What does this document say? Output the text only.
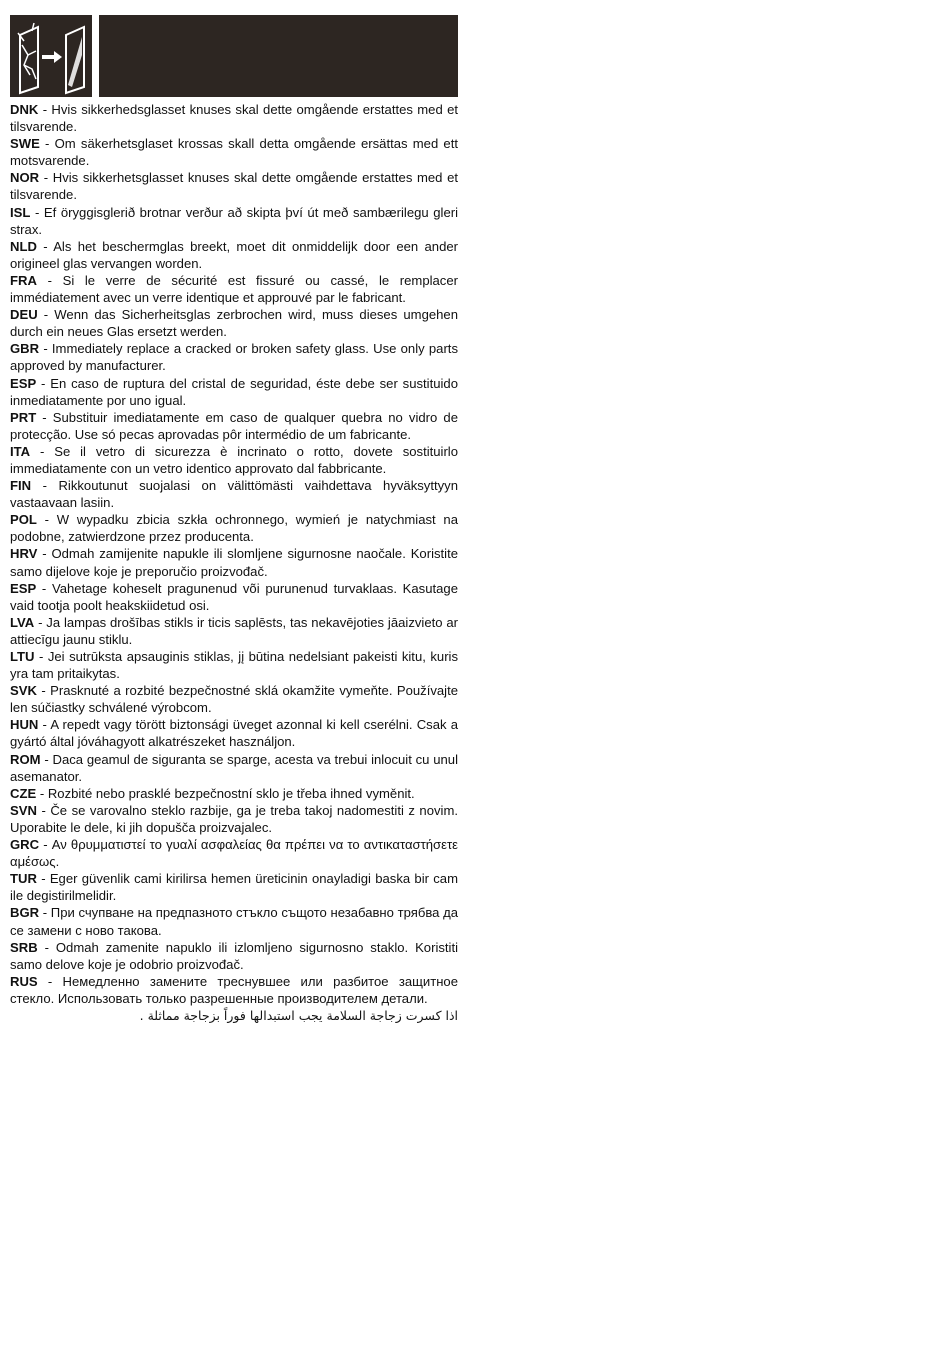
DNK - Hvis sikkerhedsglasset knuses skal dette omgående erstattes med et tilsvarende.

SWE - Om säkerhetsglaset krossas skall detta omgående ersättas med ett motsvarende.

NOR - Hvis sikkerhetsglasset knuses skal dette omgående erstattes med et tilsvarende.

ISL - Ef öryggisglerið brotnar verður að skipta því út með sambærilegu gleri strax.

NLD - Als het beschermglas breekt, moet dit onmiddelijk door een ander origineel glas vervangen worden.

FRA - Si le verre de sécurité est fissuré ou cassé, le remplacer immédiatement avec un verre identique et approuvé par le fabricant.

DEU - Wenn das Sicherheitsglas zerbrochen wird, muss dieses umgehen durch ein neues Glas ersetzt werden.

GBR - Immediately replace a cracked or broken safety glass. Use only parts approved by manufacturer.

ESP - En caso de ruptura del cristal de seguridad, éste debe ser sustituido inmediatamente por uno igual.

PRT - Substituir imediatamente em caso de qualquer quebra no vidro de protecção. Use só pecas aprovadas pôr intermédio de um fabricante.

ITA - Se il vetro di sicurezza è incrinato o rotto, dovete sostituirlo immediatamente con un vetro identico approvato dal fabbricante.

FIN - Rikkoutunut suojalasi on välittömästi vaihdettava hyväksyttyyn vastaavaan lasiin.

POL - W wypadku zbicia szkła ochronnego, wymień je natychmiast na podobne, zatwierdzone przez producenta.

HRV - Odmah zamijenite napukle ili slomljene sigurnosne naočale. Koristite samo dijelove koje je preporučio proizvođač.

ESP - Vahetage koheselt pragunenud või purunenud turvaklaas. Kasutage vaid tootja poolt heakskiidetud osi.

LVA - Ja lampas drošības stikls ir ticis saplēsts, tas nekavējoties jāaizvieto ar attiecīgu jaunu stiklu.

LTU - Jei sutrūksta apsauginis stiklas, jį būtina nedelsiant pakeisti kitu, kuris yra tam pritaikytas.

SVK - Prasknuté a rozbité bezpečnostné sklá okamžite vymeňte. Používajte len súčiastky schválené výrobcom.

HUN - A repedt vagy törött biztonsági üveget azonnal ki kell cserélni. Csak a gyártó által jóváhagyott alkatrészeket használjon.

ROM - Daca geamul de siguranta se sparge, acesta va trebui inlocuit cu unul asemanator.

CZE - Rozbité nebo prasklé bezpečnostní sklo je třeba ihned vyměnit.

SVN - Če se varovalno steklo razbije, ga je treba takoj nadomestiti z novim. Uporabite le dele, ki jih dopušča proizvajalec.

GRC - Αν θρυμματιστεί το γυαλί ασφαλείας θα πρέπει να το αντικαταστήσετε αμέσως.

TUR - Eger güvenlik cami kirilirsa hemen üreticinin onayladigi baska bir cam ile degistirilmelidir.

BGR - При счупване на предпазното стъкло същото незабавно трябва да се замени с ново такова.

SRB - Odmah zamenite napuklo ili izlomljeno sigurnosno staklo. Koristiti samo delove koje je odobrio proizvođač.

RUS - Немедленно замените треснувшее или разбитое защитное стекло. Использовать только разрешенные производителем детали.

اذا كسرت زجاجة السلامة يجب استبدالها فوراً بزجاجة مماثلة .
